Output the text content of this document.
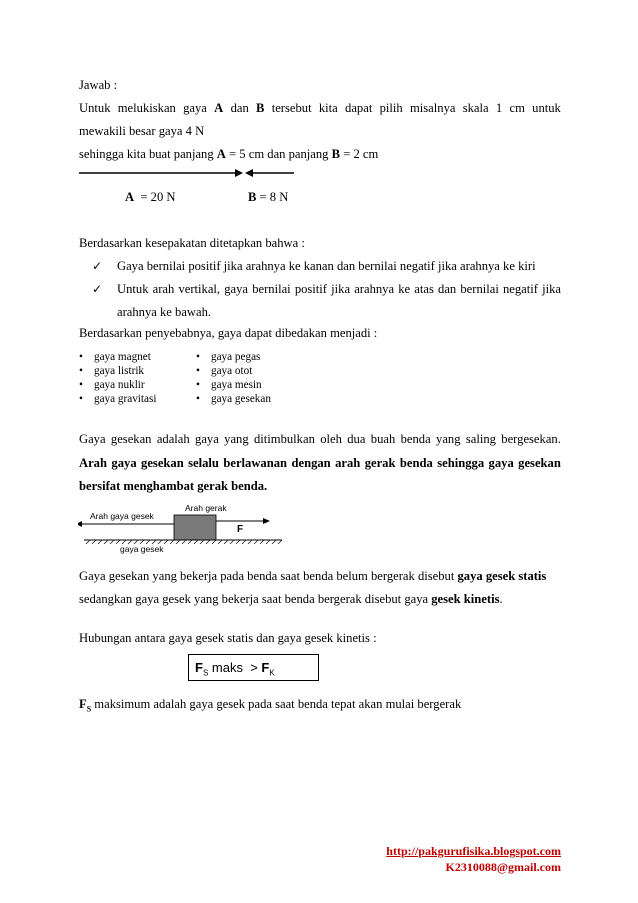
Jawab :
Untuk melukiskan gaya A dan B tersebut kita dapat pilih misalnya skala 1 cm untuk
mewakili besar gaya 4 N
sehingga kita buat panjang A = 5 cm dan panjang B = 2 cm
A  = 20 N	B = 8 N
Berdasarkan kesepakatan ditetapkan bahwa :
✓ Gaya bernilai positif jika arahnya ke kanan dan bernilai negatif jika arahnya ke kiri
✓ Untuk arah vertikal, gaya bernilai positif jika arahnya ke atas dan bernilai negatif jika
arahnya ke bawah.
Berdasarkan penyebabnya, gaya dapat dibedakan menjadi :
• gaya magnet
• gaya listrik
• gaya nuklir
• gaya gravitasi
• gaya pegas
• gaya otot
• gaya mesin
• gaya gesekan
Gaya gesekan adalah gaya yang ditimbulkan oleh dua buah benda yang saling bergesekan.
Arah gaya gesekan selalu berlawanan dengan arah gerak benda sehingga gaya gesekan
bersifat menghambat gerak benda.
Arah gerak
Arah gaya gesek
F
gaya gesek
Gaya gesekan yang bekerja pada benda saat benda belum bergerak disebut gaya gesek statis
sedangkan gaya gesek yang bekerja saat benda bergerak disebut gaya gesek kinetis.
Hubungan antara gaya gesek statis dan gaya gesek kinetis :
$F_S$ maks  > $F_K$
$F_S$ maksimum adalah gaya gesek pada saat benda tepat akan mulai bergerak
http://pakgurufisika.blogspot.com
K2310088@gmail.com
